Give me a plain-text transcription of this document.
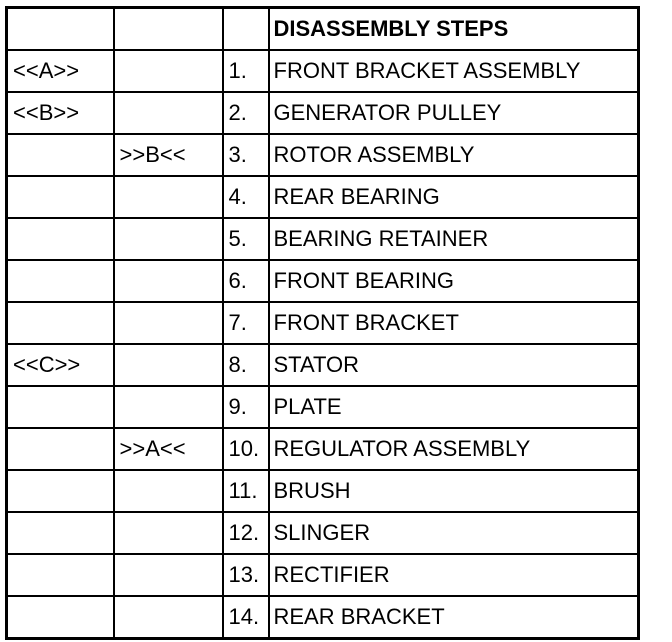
			DISASSEMBLY STEPS
<<A>>		1.	FRONT BRACKET ASSEMBLY
<<B>>		2.	GENERATOR PULLEY
	>>B<<	3.	ROTOR ASSEMBLY
		4.	REAR BEARING
		5.	BEARING RETAINER
		6.	FRONT BEARING
		7.	FRONT BRACKET
<<C>>		8.	STATOR
		9.	PLATE
	>>A<<	10.	REGULATOR ASSEMBLY
		11.	BRUSH
		12.	SLINGER
		13.	RECTIFIER
		14.	REAR BRACKET
